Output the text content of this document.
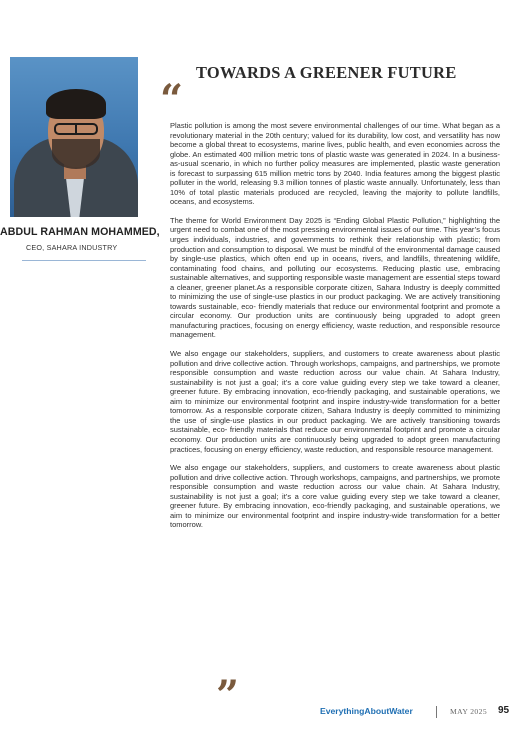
ABDUL RAHMAN MOHAMMED,
CEO, SAHARA INDUSTRY
TOWARDS A GREENER FUTURE
“

Plastic pollution is among the most severe environmental challenges of our time. What began as a revolutionary material in the 20th century; valued for its durability, low cost, and versatility has now become a global threat to ecosystems, marine lives, public health, and even economies across the globe. An estimated 400 million metric tons of plastic waste was generated in 2024. In a business-as-usual scenario, in which no further policy measures are implemented, plastic waste generation is forecast to surpassing 615 million metric tons by 2040. India features among the biggest plastic polluter in the world, releasing 9.3 million tonnes of plastic waste annually. Unfortunately, less than 10% of total plastic materials produced are recycled, leaving the majority to pollute landfills, oceans, and ecosystems.

The theme for World Environment Day 2025 is “Ending Global Plastic Pollution,” highlighting the urgent need to combat one of the most pressing environmental issues of our time. This year’s focus urges individuals, industries, and governments to rethink their relationship with plastic; from production and consumption to disposal. We must be mindful of the environmental damage caused by single-use plastics, which often end up in oceans, rivers, and landfills, threatening wildlife, contaminating food chains, and polluting our ecosystems. Reducing plastic use, embracing sustainable alternatives, and supporting responsible waste management are essential steps toward a cleaner, greener planet.As a responsible corporate citizen, Sahara Industry is deeply committed to minimizing the use of single-use plastics in our product packaging. We are actively transitioning towards sustainable, eco- friendly materials that reduce our environmental footprint and promote a circular economy. Our production units are continuously being upgraded to adopt green manufacturing practices, focusing on energy efficiency, waste reduction, and responsible resource management.

We also engage our stakeholders, suppliers, and customers to create awareness about plastic pollution and drive collective action. Through workshops, campaigns, and partnerships, we promote responsible consumption and waste reduction across our value chain. At Sahara Industry, sustainability is not just a goal; it’s a core value guiding every step we take toward a cleaner, greener future. By embracing innovation, eco-friendly packaging, and sustainable operations, we aim to minimize our environmental footprint and inspire industry-wide transformation for a better tomorrow. As a responsible corporate citizen, Sahara Industry is deeply committed to minimizing the use of single-use plastics in our product packaging. We are actively transitioning towards sustainable, eco- friendly materials that reduce our environmental footprint and promote a circular economy. Our production units are continuously being upgraded to adopt green manufacturing practices, focusing on energy efficiency, waste reduction, and responsible resource management.

We also engage our stakeholders, suppliers, and customers to create awareness about plastic pollution and drive collective action. Through workshops, campaigns, and partnerships, we promote responsible consumption and waste reduction across our value chain. At Sahara Industry, sustainability is not just a goal; it’s a core value guiding every step we take toward a cleaner, greener future. By embracing innovation, eco-friendly packaging, and sustainable operations, we aim to minimize our environmental footprint and inspire industry-wide transformation for a better tomorrow.

”	EverythingAboutWater	MAY 2025 95
